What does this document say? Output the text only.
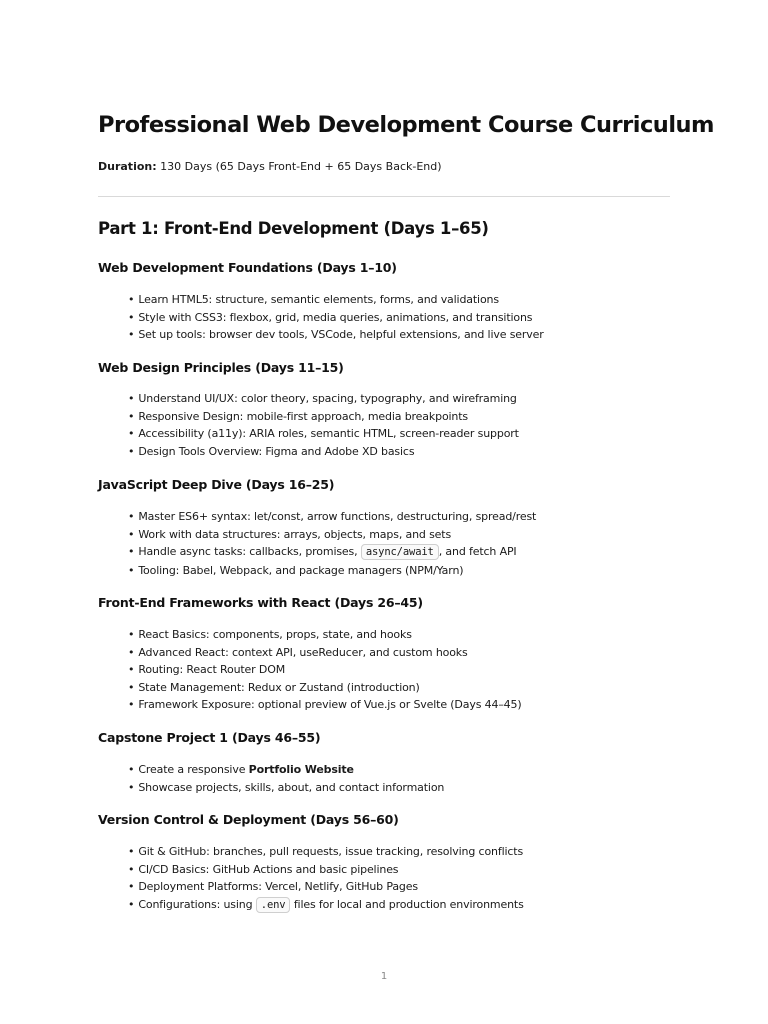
Professional Web Development Course Curriculum

Duration: 130 Days (65 Days Front-End + 65 Days Back-End)

Part 1: Front-End Development (Days 1–65)
Web Development Foundations (Days 1–10)
• Learn HTML5: structure, semantic elements, forms, and validations
• Style with CSS3: flexbox, grid, media queries, animations, and transitions
• Set up tools: browser dev tools, VSCode, helpful extensions, and live server
Web Design Principles (Days 11–15)
• Understand UI/UX: color theory, spacing, typography, and wireframing
• Responsive Design: mobile-first approach, media breakpoints
• Accessibility (a11y): ARIA roles, semantic HTML, screen-reader support
• Design Tools Overview: Figma and Adobe XD basics
JavaScript Deep Dive (Days 16–25)
• Master ES6+ syntax: let/const, arrow functions, destructuring, spread/rest
• Work with data structures: arrays, objects, maps, and sets
• Handle async tasks: callbacks, promises, async/await , and fetch API
• Tooling: Babel, Webpack, and package managers (NPM/Yarn)
Front-End Frameworks with React (Days 26–45)
• React Basics: components, props, state, and hooks
• Advanced React: context API, useReducer, and custom hooks
• Routing: React Router DOM
• State Management: Redux or Zustand (introduction)
• Framework Exposure: optional preview of Vue.js or Svelte (Days 44–45)
Capstone Project 1 (Days 46–55)
• Create a responsive Portfolio Website
• Showcase projects, skills, about, and contact information
Version Control & Deployment (Days 56–60)
• Git & GitHub: branches, pull requests, issue tracking, resolving conflicts
• CI/CD Basics: GitHub Actions and basic pipelines
• Deployment Platforms: Vercel, Netlify, GitHub Pages
• Configurations: using .env files for local and production environments
1
